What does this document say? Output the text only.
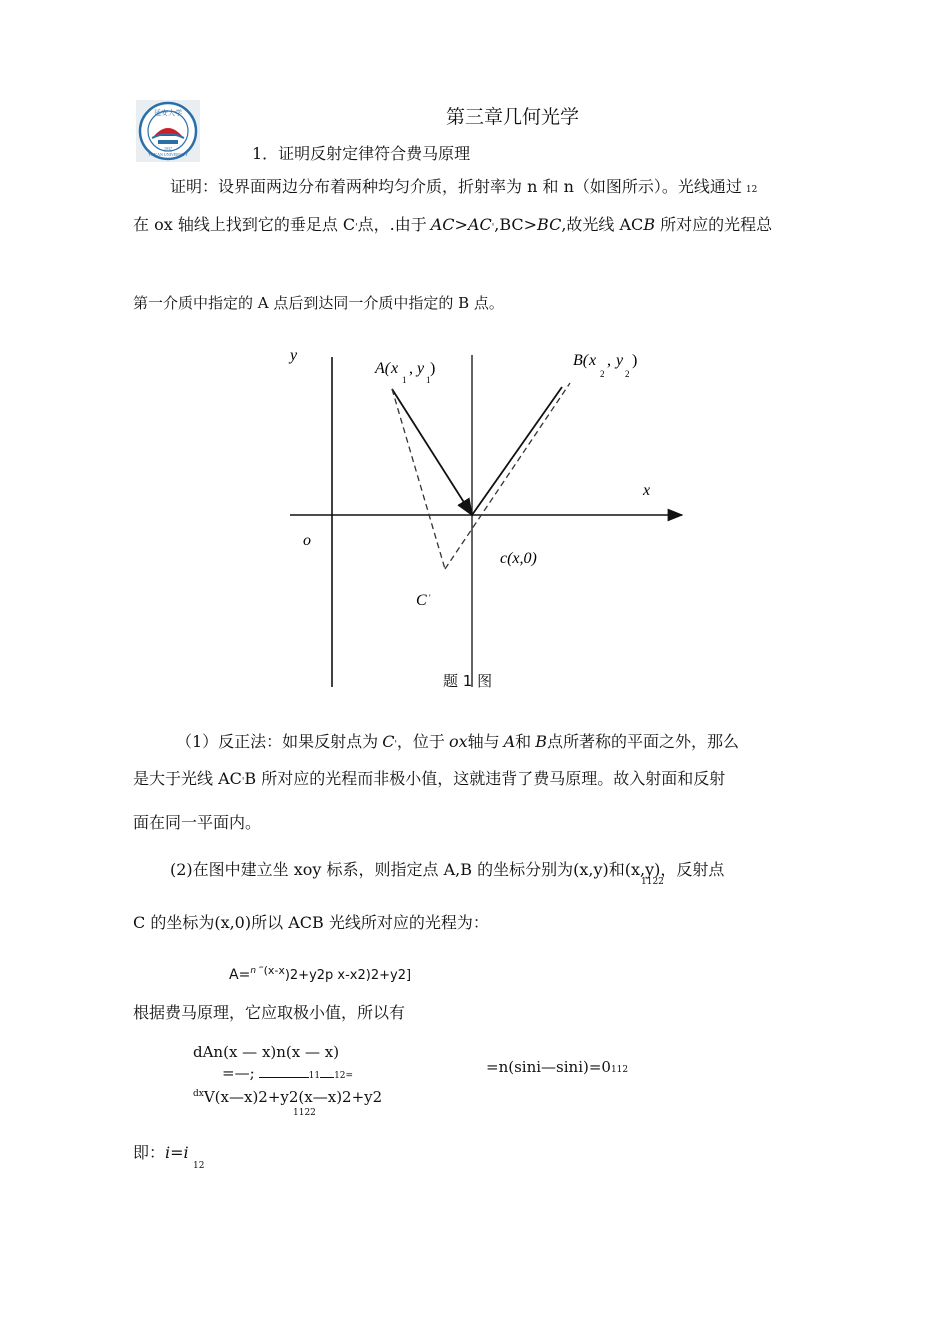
延安大学
1937
YAN'AN UNIVERSITY
第三章几何光学
1．证明反射定律符合费马原理
证明：设界面两边分布着两种均匀介质，折射率为 n 和 n（如图所示）。光线通过 12
在 ox 轴线上找到它的垂足点 C'点，.由于 AC>AC',BC>BC,故光线 ACB 所对应的光程总
第一介质中指定的 A 点后到达同一介质中指定的 B 点。
y
x
o
A( x
1
, y
1
)	B( x
2
, y
2
)
C '
c(x,0)
题 1 图
（1）反正法：如果反射点为 C'，位于 ox轴与 A和 B点所著称的平面之外，那么
是大于光线 AC'B 所对应的光程而非极小值，这就违背了费马原理。故入射面和反射
面在同一平面内。
(2)在图中建立坐 xoy 标系，则指定点 A,B 的坐标分别为(x,y)和(x,y)，反射点
1122
C 的坐标为(x,0)所以 ACB 光线所对应的光程为：
A=$^{n ‴(x-x}$)2+y2p x-x2)2+y2]
根据费马原理，它应取极小值，所以有
dAn(x — x)n(x — x)
=—;	11 12=
$^{dx}$V(x—x)2+y2(x—x)2+y2
1122
=n(sini—sini)=0112
即：i=i
12
